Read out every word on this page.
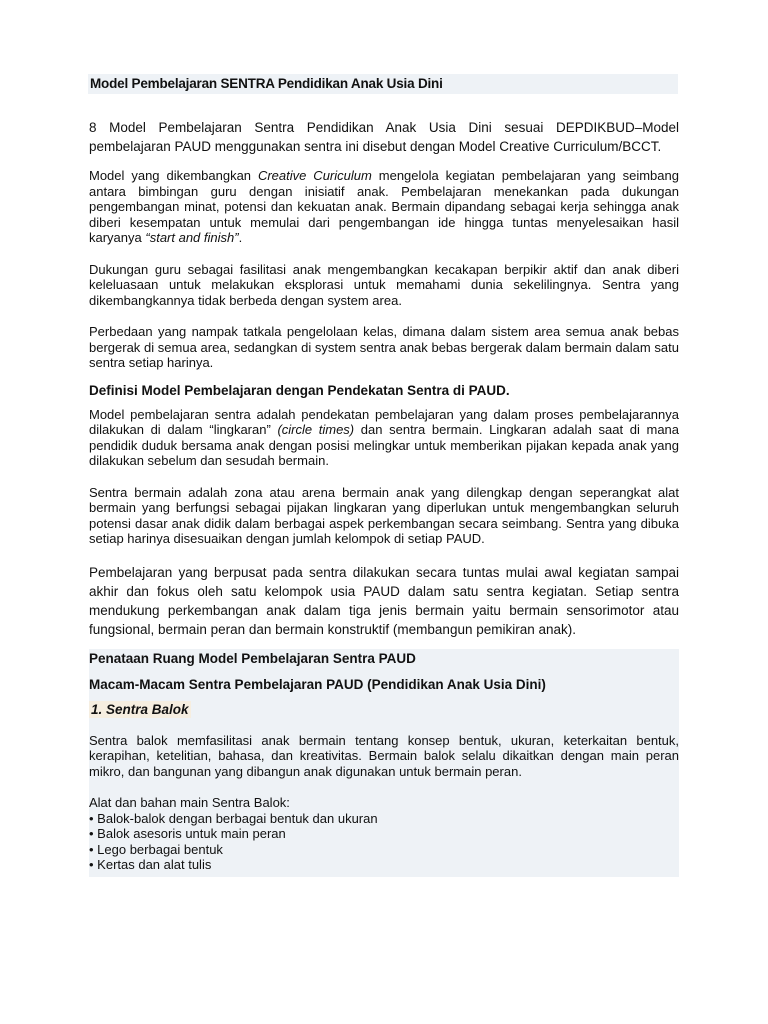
Model Pembelajaran SENTRA Pendidikan Anak Usia Dini

8 Model Pembelajaran Sentra Pendidikan Anak Usia Dini sesuai DEPDIKBUD–Model pembelajaran PAUD menggunakan sentra ini disebut dengan Model Creative Curriculum/BCCT.

Model yang dikembangkan Creative Curiculum mengelola kegiatan pembelajaran yang seimbang antara bimbingan guru dengan inisiatif anak. Pembelajaran menekankan pada dukungan pengembangan minat, potensi dan kekuatan anak. Bermain dipandang sebagai kerja sehingga anak diberi kesempatan untuk memulai dari pengembangan ide hingga tuntas menyelesaikan hasil karyanya “start and finish”.

Dukungan guru sebagai fasilitasi anak mengembangkan kecakapan berpikir aktif dan anak diberi keleluasaan untuk melakukan eksplorasi untuk memahami dunia sekelilingnya. Sentra yang dikembangkannya tidak berbeda dengan system area.

Perbedaan yang nampak tatkala pengelolaan kelas, dimana dalam sistem area semua anak bebas bergerak di semua area, sedangkan di system sentra anak bebas bergerak dalam bermain dalam satu sentra setiap harinya.

Definisi Model Pembelajaran dengan Pendekatan Sentra di PAUD.

Model pembelajaran sentra adalah pendekatan pembelajaran yang dalam proses pembelajarannya dilakukan di dalam “lingkaran” (circle times) dan sentra bermain. Lingkaran adalah saat di mana pendidik duduk bersama anak dengan posisi melingkar untuk memberikan pijakan kepada anak yang dilakukan sebelum dan sesudah bermain.

Sentra bermain adalah zona atau arena bermain anak yang dilengkap dengan seperangkat alat bermain yang berfungsi sebagai pijakan lingkaran yang diperlukan untuk mengembangkan seluruh potensi dasar anak didik dalam berbagai aspek perkembangan secara seimbang. Sentra yang dibuka setiap harinya disesuaikan dengan jumlah kelompok di setiap PAUD.

Pembelajaran yang berpusat pada sentra dilakukan secara tuntas mulai awal kegiatan sampai akhir dan fokus oleh satu kelompok usia PAUD dalam satu sentra kegiatan. Setiap sentra mendukung perkembangan anak dalam tiga jenis bermain yaitu bermain sensorimotor atau fungsional, bermain peran dan bermain konstruktif (membangun pemikiran anak).

Penataan Ruang Model Pembelajaran Sentra PAUD
Macam-Macam Sentra Pembelajaran PAUD (Pendidikan Anak Usia Dini)
1. Sentra Balok

Sentra balok memfasilitasi anak bermain tentang konsep bentuk, ukuran, keterkaitan bentuk, kerapihan, ketelitian, bahasa, dan kreativitas. Bermain balok selalu dikaitkan dengan main peran mikro, dan bangunan yang dibangun anak digunakan untuk bermain peran.

Alat dan bahan main Sentra Balok:

• Balok-balok dengan berbagai bentuk dan ukuran
• Balok asesoris untuk main peran
• Lego berbagai bentuk
• Kertas dan alat tulis
